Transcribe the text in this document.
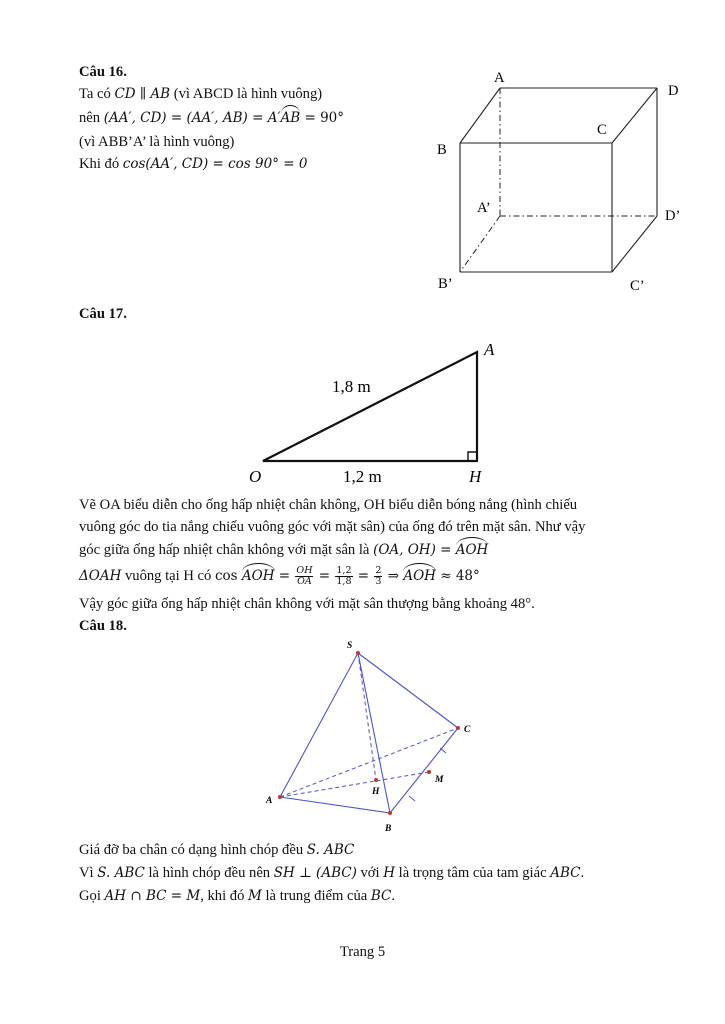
Câu 16.
Ta có CD ∥ AB (vì ABCD là hình vuông)
nên (AA′, CD) = (AA′, AB) = A′AB = 90°
(vì ABB’A’ là hình vuông)
Khi đó cos(AA′, CD) = cos 90° = 0
A
D
C
B
A’	D’
B’	C’
Câu 17.
O
A
H
1,8 m
1,2 m
Vẽ OA biểu diễn cho ống hấp nhiệt chân không, OH biểu diễn bóng nắng (hình chiếu
vuông góc do tia nắng chiếu vuông góc với mặt sân) của ống đó trên mặt sân. Như vậy
góc giữa ống hấp nhiệt chân không với mặt sân là (OA, OH) = AOH
ΔOAH vuông tại H có cos AOH = $\frac{OH}{OA} = \frac{1,2}{1,8} = \frac{2}{3}$ ⇒ AOH ≈ 48°
Vậy góc giữa ống hấp nhiệt chân không với mặt sân thượng bằng khoảng 48°.
Câu 18.
S
A
B
C
H
M
Giá đỡ ba chân có dạng hình chóp đều S. ABC
Vì S. ABC là hình chóp đều nên SH ⊥ (ABC) với H là trọng tâm của tam giác ABC.
Gọi AH ∩ BC = M, khi đó M là trung điểm của BC.
Trang 5
